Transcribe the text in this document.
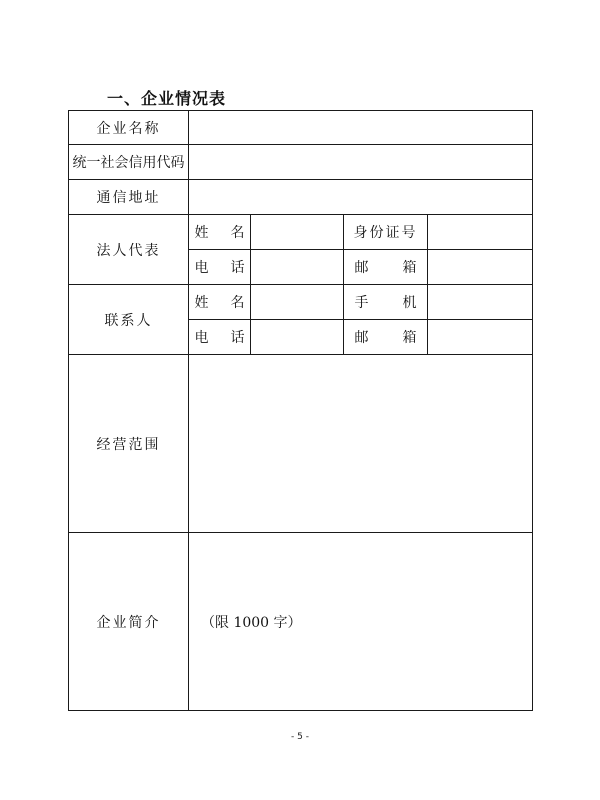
一、企业情况表
企业名称				
统一社会信用代码				
通信地址				
法人代表	姓 名		身份证号	

	电 话		邮 箱	

联系人	姓 名		手 机	

	电 话		邮 箱	

经营范围				
企业简介	（限 1000 字）			
- 5 -
